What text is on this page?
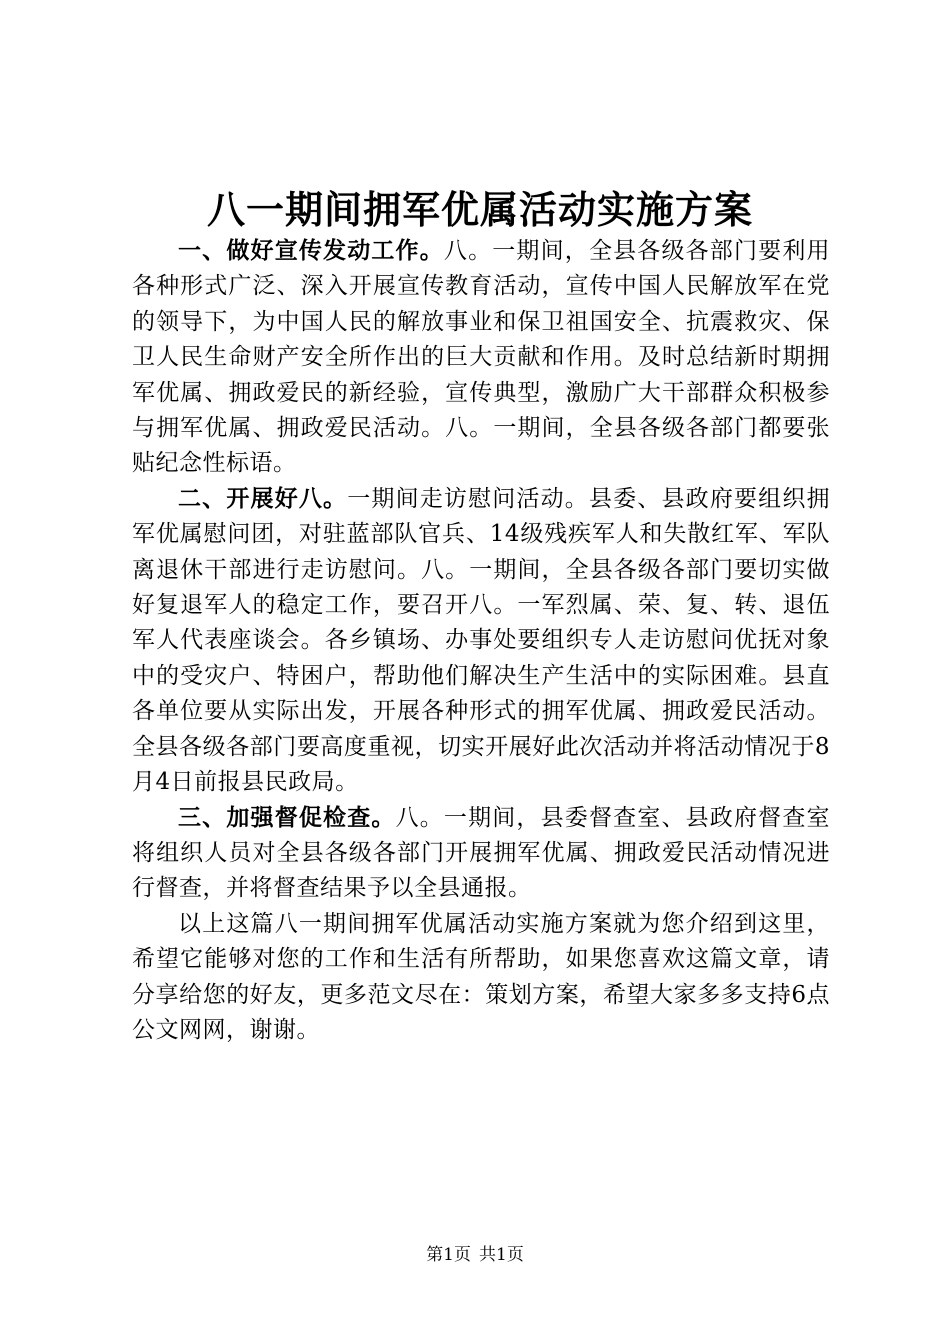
八一期间拥军优属活动实施方案

一、做好宣传发动工作。八。一期间，全县各级各部门要利用各种形式广泛、深入开展宣传教育活动，宣传中国人民解放军在党的领导下，为中国人民的解放事业和保卫祖国安全、抗震救灾、保卫人民生命财产安全所作出的巨大贡献和作用。及时总结新时期拥军优属、拥政爱民的新经验，宣传典型，激励广大干部群众积极参与拥军优属、拥政爱民活动。八。一期间，全县各级各部门都要张贴纪念性标语。

二、开展好八。一期间走访慰问活动。县委、县政府要组织拥军优属慰问团，对驻蓝部队官兵、14级残疾军人和失散红军、军队离退休干部进行走访慰问。八。一期间，全县各级各部门要切实做好复退军人的稳定工作，要召开八。一军烈属、荣、复、转、退伍军人代表座谈会。各乡镇场、办事处要组织专人走访慰问优抚对象中的受灾户、特困户，帮助他们解决生产生活中的实际困难。县直各单位要从实际出发，开展各种形式的拥军优属、拥政爱民活动。全县各级各部门要高度重视，切实开展好此次活动并将活动情况于8月4日前报县民政局。

三、加强督促检查。八。一期间，县委督查室、县政府督查室将组织人员对全县各级各部门开展拥军优属、拥政爱民活动情况进行督查，并将督查结果予以全县通报。

以上这篇八一期间拥军优属活动实施方案就为您介绍到这里，希望它能够对您的工作和生活有所帮助，如果您喜欢这篇文章，请分享给您的好友，更多范文尽在：策划方案，希望大家多多支持6点公文网网，谢谢。

第1页 共1页
